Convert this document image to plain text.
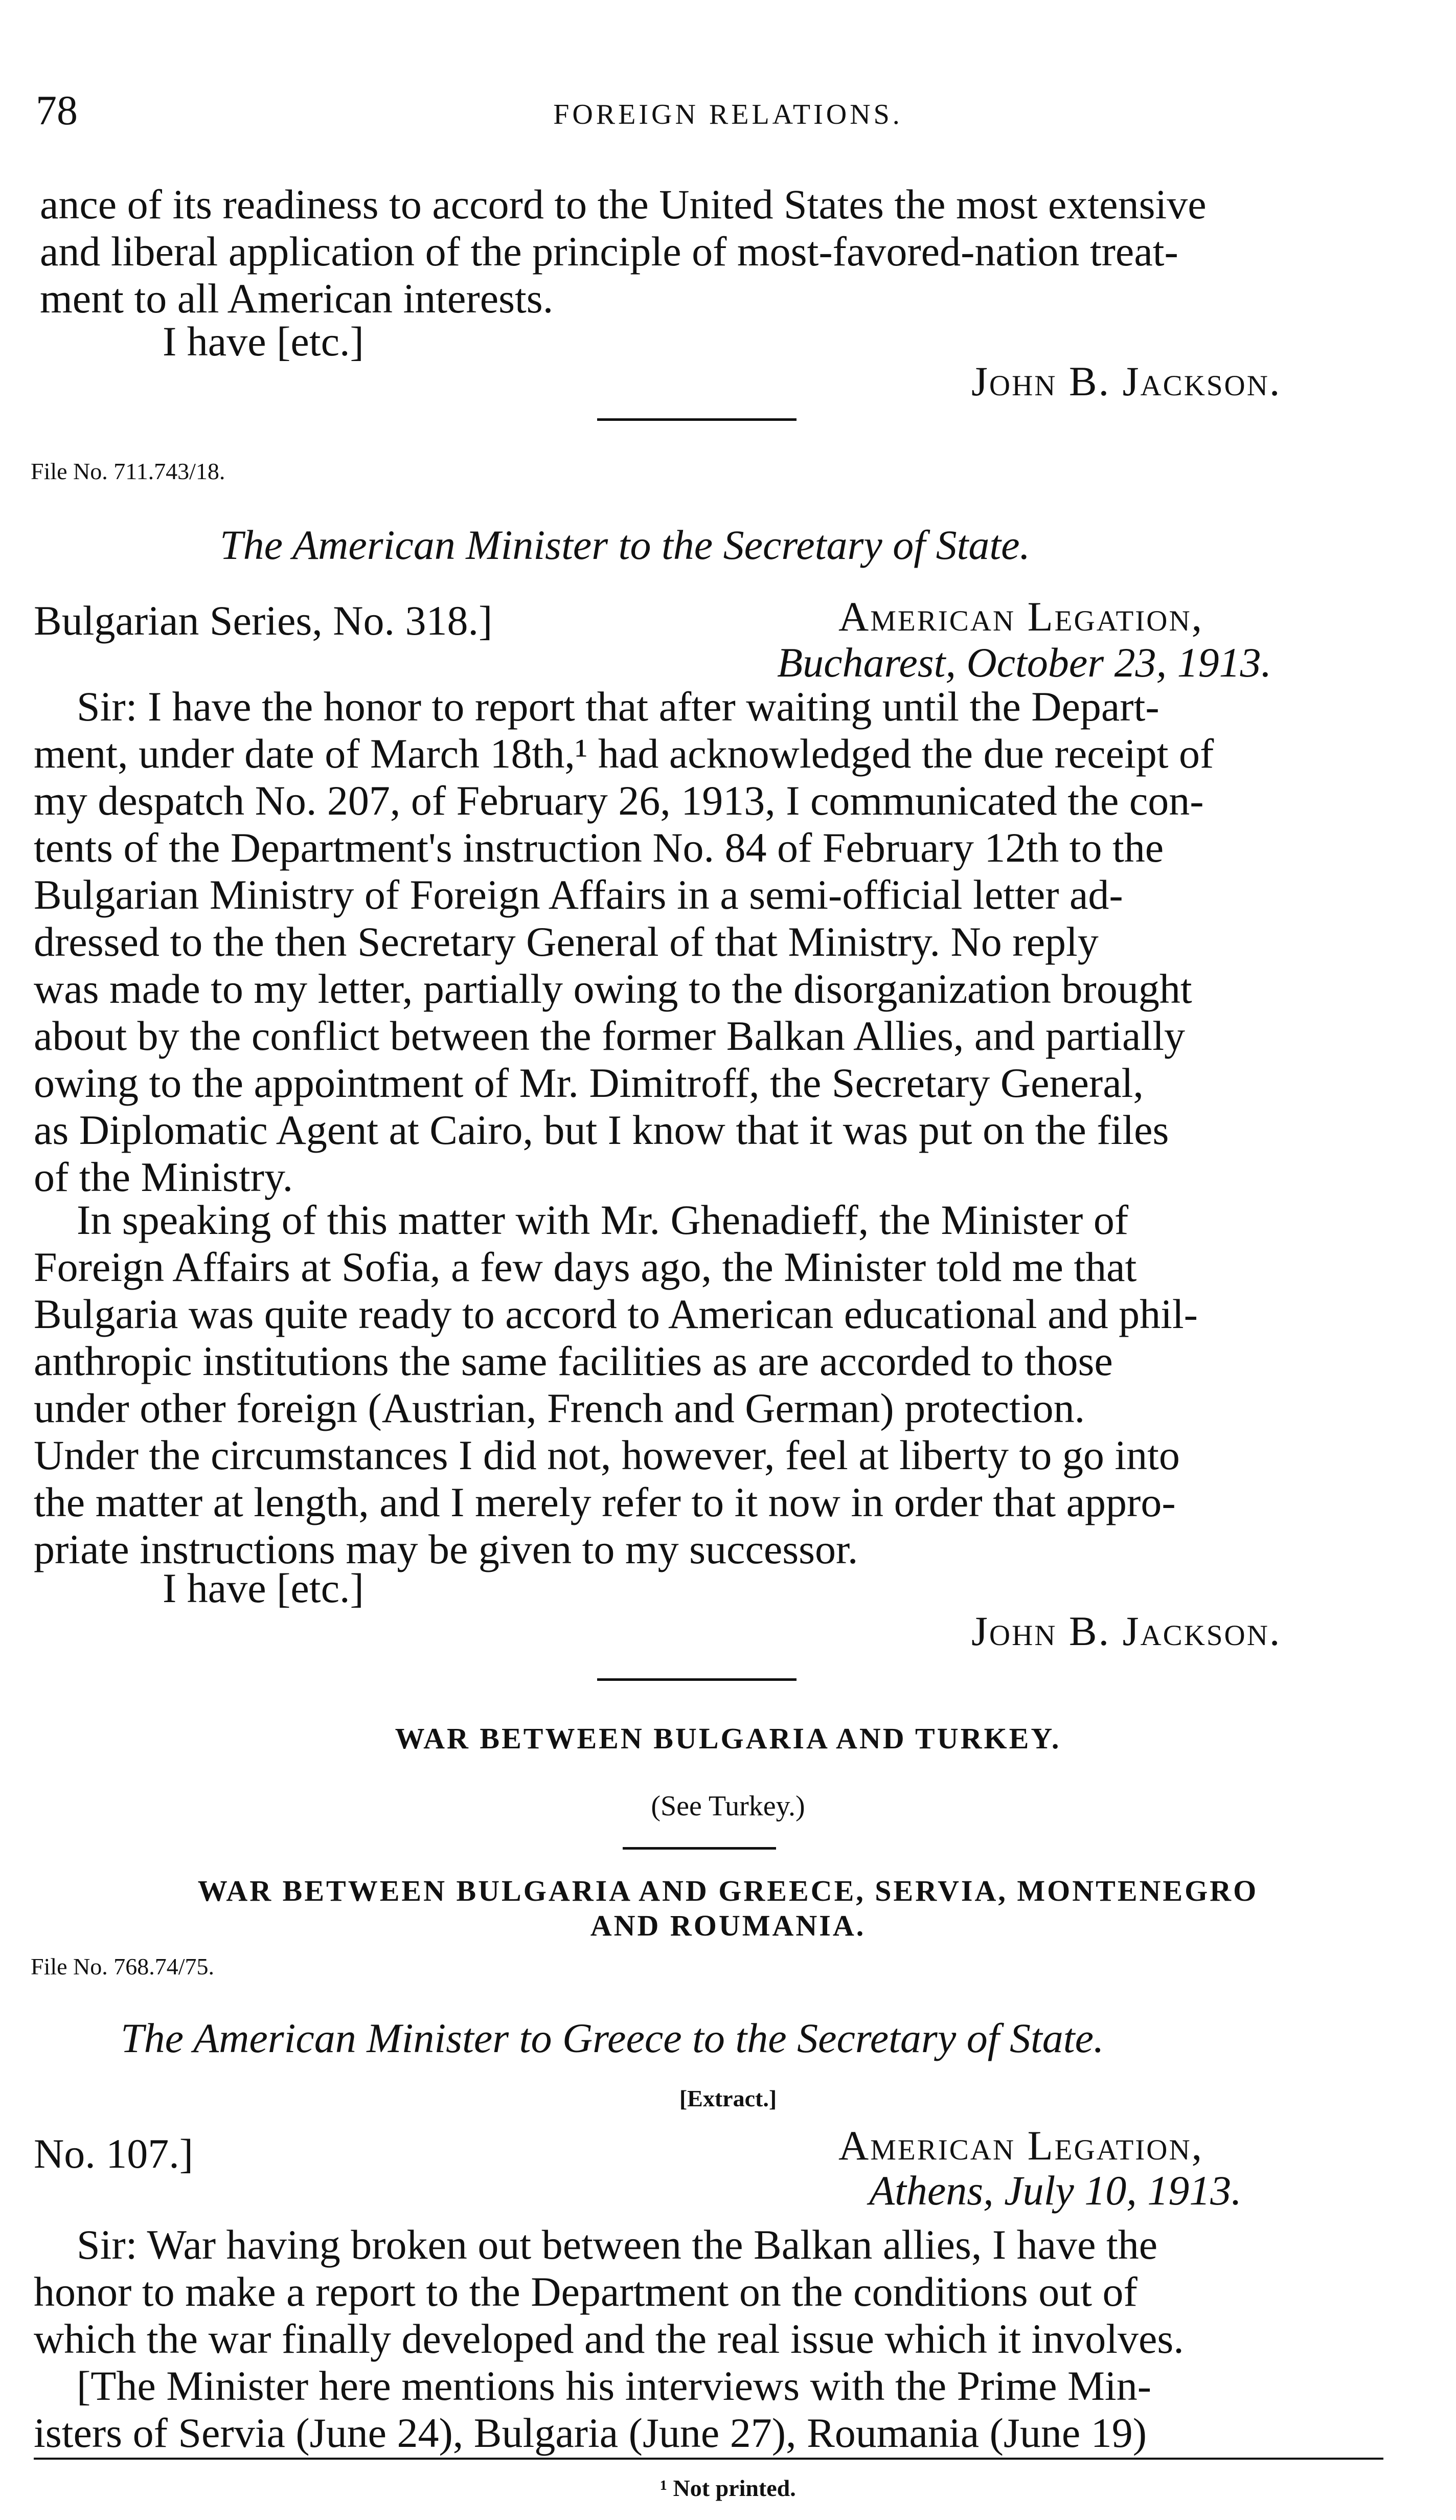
78	FOREIGN RELATIONS.
ance of its readiness to accord to the United States the most extensive
and liberal application of the principle of most-favored-nation treat-
ment to all American interests.
I have [etc.]
John B. Jackson.
File No. 711.743/18.
The American Minister to the Secretary of State.
Bulgarian Series, No. 318.]	American Legation,
Bucharest, October 23, 1913.
Sir: I have the honor to report that after waiting until the Depart-
ment, under date of March 18th,¹ had acknowledged the due receipt of
my despatch No. 207, of February 26, 1913, I communicated the con-
tents of the Department's instruction No. 84 of February 12th to the
Bulgarian Ministry of Foreign Affairs in a semi-official letter ad-
dressed to the then Secretary General of that Ministry. No reply
was made to my letter, partially owing to the disorganization brought
about by the conflict between the former Balkan Allies, and partially
owing to the appointment of Mr. Dimitroff, the Secretary General,
as Diplomatic Agent at Cairo, but I know that it was put on the files
of the Ministry.
In speaking of this matter with Mr. Ghenadieff, the Minister of
Foreign Affairs at Sofia, a few days ago, the Minister told me that
Bulgaria was quite ready to accord to American educational and phil-
anthropic institutions the same facilities as are accorded to those
under other foreign (Austrian, French and German) protection.
Under the circumstances I did not, however, feel at liberty to go into
the matter at length, and I merely refer to it now in order that appro-
priate instructions may be given to my successor.
I have [etc.]
John B. Jackson.
WAR BETWEEN BULGARIA AND TURKEY.
(See Turkey.)
WAR BETWEEN BULGARIA AND GREECE, SERVIA, MONTENEGRO
AND ROUMANIA.
File No. 768.74/75.
The American Minister to Greece to the Secretary of State.
[Extract.]
No. 107.]	American Legation,
Athens, July 10, 1913.
Sir: War having broken out between the Balkan allies, I have the
honor to make a report to the Department on the conditions out of
which the war finally developed and the real issue which it involves.
[The Minister here mentions his interviews with the Prime Min-
isters of Servia (June 24), Bulgaria (June 27), Roumania (June 19)
¹ Not printed.
